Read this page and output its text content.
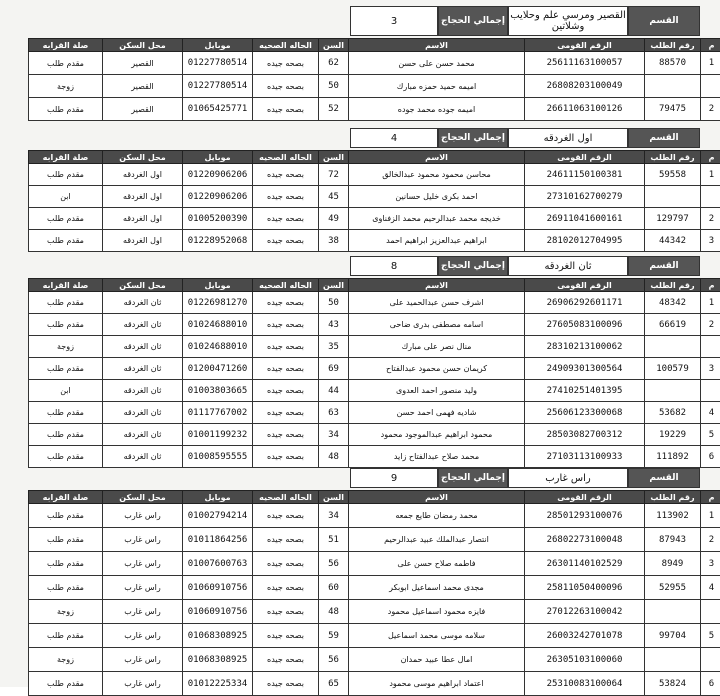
القسم
القصير ومرسي علم وحلايب وشلاتين
إجمالي الحجاج
3
م	رقم الطلب	الرقم القومى	الاسم	السن	الحاله الصحيه	موبايل	محل السكن	صلة القرابه
1	88570	25611163100057	محمد حسن على حسن	62	بصحه جيده	01227780514	القصير	مقدم طلب
		26808203100049	اميمه حميد حمزه مبارك	50	بصحه جيده	01227780514	القصير	زوجة
2	79475	26611063100126	اميمه جوده محمد جوده	52	بصحه جيده	01065425771	القصير	مقدم طلب
القسم
اول الغردقه
إجمالي الحجاج
4
م	رقم الطلب	الرقم القومى	الاسم	السن	الحاله الصحيه	موبايل	محل السكن	صلة القرابه
1	59558	24611150100381	محاسن محمود محمود عبدالخالق	72	بصحه جيده	01220906206	اول الغردقه	مقدم طلب
		27310162700279	احمد بكرى خليل حسانين	45	بصحه جيده	01220906206	اول الغردقه	ابن
2	129797	26911041600161	خديجه محمد عبدالرحيم محمد الزفناوى	49	بصحه جيده	01005200390	اول الغردقه	مقدم طلب
3	44342	28102012704995	ابراهيم عبدالعزيز ابراهيم احمد	38	بصحه جيده	01228952068	اول الغردقه	مقدم طلب
القسم
ثان الغردقه
إجمالي الحجاج
8
م	رقم الطلب	الرقم القومى	الاسم	السن	الحاله الصحيه	موبايل	محل السكن	صلة القرابه
1	48342	26906292601171	اشرف حسن عبدالحميد على	50	بصحه جيده	01226981270	ثان الغردقه	مقدم طلب
2	66619	27605083100096	اسامه مصطفى بدرى ضاحى	43	بصحه جيده	01024688010	ثان الغردقه	مقدم طلب
		28310213100062	منال نصر على مبارك	35	بصحه جيده	01024688010	ثان الغردقه	زوجة
3	100579	24909301300564	كريمان حسن محمود عبدالفتاح	69	بصحه جيده	01200471260	ثان الغردقه	مقدم طلب
		27410251401395	وليد منصور احمد العدوى	44	بصحه جيده	01003803665	ثان الغردقه	ابن
4	53682	25606123300068	شاديه فهمى احمد حسن	63	بصحه جيده	01117767002	ثان الغردقه	مقدم طلب
5	19229	28503082700312	محمود ابراهيم عبدالموجود محمود	34	بصحه جيده	01001199232	ثان الغردقه	مقدم طلب
6	111892	27103113100933	محمد صلاح عبدالفتاح زايد	48	بصحه جيده	01008595555	ثان الغردقه	مقدم طلب
القسم
راس غارب
إجمالي الحجاج
9
م	رقم الطلب	الرقم القومى	الاسم	السن	الحاله الصحيه	موبايل	محل السكن	صلة القرابه
1	113902	28501293100076	محمد رمضان طايع جمعه	34	بصحه جيده	01002794214	راس غارب	مقدم طلب
2	87943	26802273100048	انتصار عبدالملك عبيد عبدالرحيم	51	بصحه جيده	01011864256	راس غارب	مقدم طلب
3	8949	26301140102529	فاطمه صلاح حسن على	56	بصحه جيده	01007600763	راس غارب	مقدم طلب
4	52955	25811050400096	مجدى محمد اسماعيل ابوبكر	60	بصحه جيده	01060910756	راس غارب	مقدم طلب
		27012263100042	فايزه محمود اسماعيل محمود	48	بصحه جيده	01060910756	راس غارب	زوجة
5	99704	26003242701078	سلامه موسى محمد اسماعيل	59	بصحه جيده	01068308925	راس غارب	مقدم طلب
		26305103100060	امال عطا عبيد حمدان	56	بصحه جيده	01068308925	راس غارب	زوجة
6	53824	25310083100064	اعتماد ابراهيم موسى محمود	65	بصحه جيده	01012225334	راس غارب	مقدم طلب
